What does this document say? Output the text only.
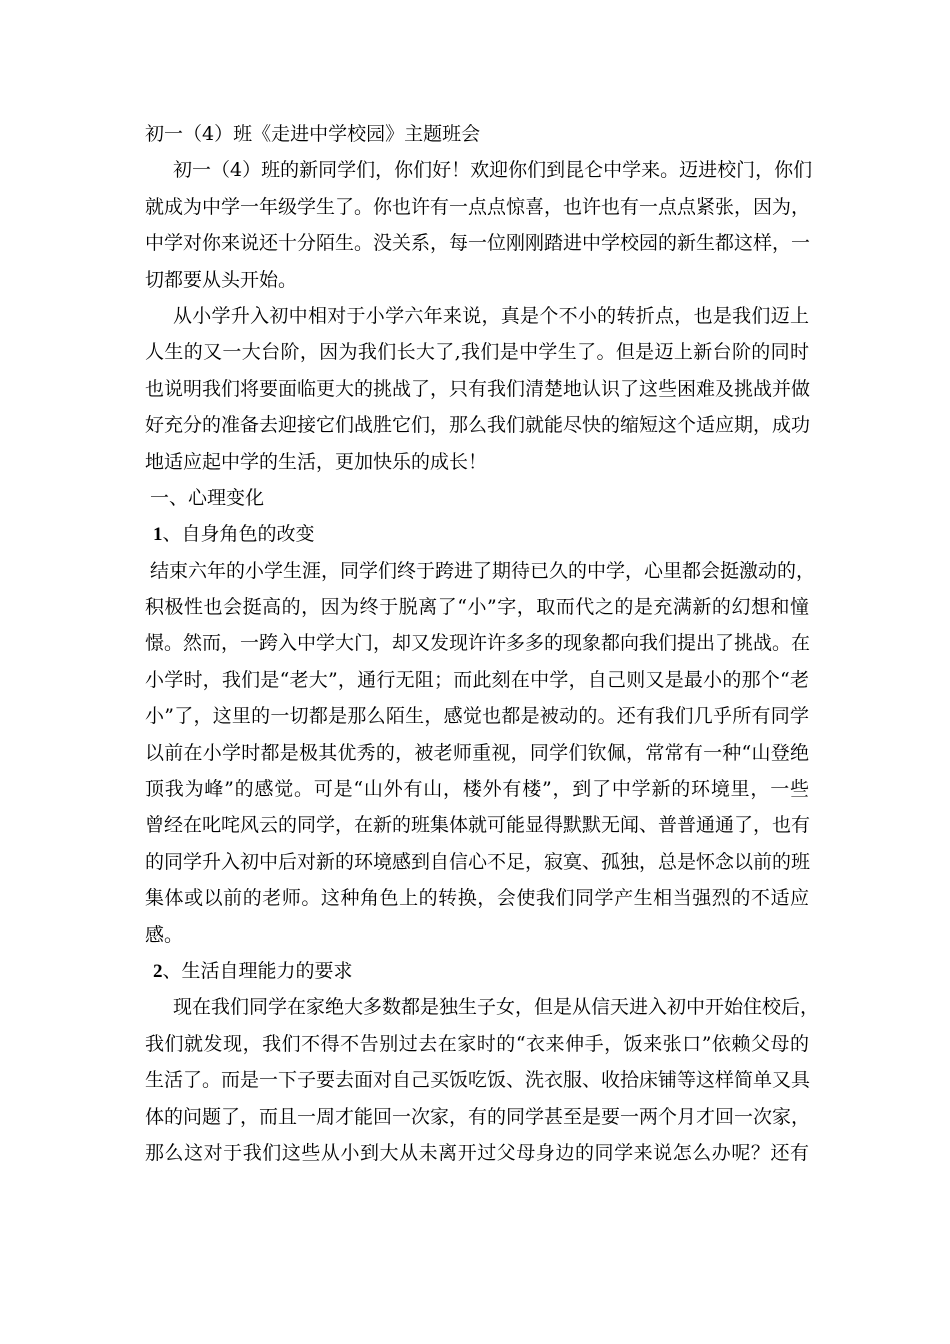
初一（4）班《走进中学校园》主题班会
初一（4）班的新同学们，你们好！欢迎你们到昆仑中学来。迈进校门，你们
就成为中学一年级学生了。你也许有一点点惊喜，也许也有一点点紧张，因为，
中学对你来说还十分陌生。没关系，每一位刚刚踏进中学校园的新生都这样，一
切都要从头开始。
从小学升入初中相对于小学六年来说，真是个不小的转折点，也是我们迈上
人生的又一大台阶，因为我们长大了,我们是中学生了。但是迈上新台阶的同时
也说明我们将要面临更大的挑战了，只有我们清楚地认识了这些困难及挑战并做
好充分的准备去迎接它们战胜它们，那么我们就能尽快的缩短这个适应期，成功
地适应起中学的生活，更加快乐的成长！
一、心理变化
1、自身角色的改变
结束六年的小学生涯，同学们终于跨进了期待已久的中学，心里都会挺激动的，
积极性也会挺高的，因为终于脱离了“小”字，取而代之的是充满新的幻想和憧
憬。然而，一跨入中学大门，却又发现许许多多的现象都向我们提出了挑战。在
小学时，我们是“老大”，通行无阻；而此刻在中学，自己则又是最小的那个“老
小”了，这里的一切都是那么陌生，感觉也都是被动的。还有我们几乎所有同学
以前在小学时都是极其优秀的，被老师重视，同学们钦佩，常常有一种“山登绝
顶我为峰”的感觉。可是“山外有山，楼外有楼”，到了中学新的环境里，一些
曾经在叱咤风云的同学，在新的班集体就可能显得默默无闻、普普通通了，也有
的同学升入初中后对新的环境感到自信心不足，寂寞、孤独，总是怀念以前的班
集体或以前的老师。这种角色上的转换，会使我们同学产生相当强烈的不适应
感。
2、生活自理能力的要求
现在我们同学在家绝大多数都是独生子女，但是从信天进入初中开始住校后，
我们就发现，我们不得不告别过去在家时的“衣来伸手，饭来张口”依赖父母的
生活了。而是一下子要去面对自己买饭吃饭、洗衣服、收拾床铺等这样简单又具
体的问题了，而且一周才能回一次家，有的同学甚至是要一两个月才回一次家，
那么这对于我们这些从小到大从未离开过父母身边的同学来说怎么办呢？还有
